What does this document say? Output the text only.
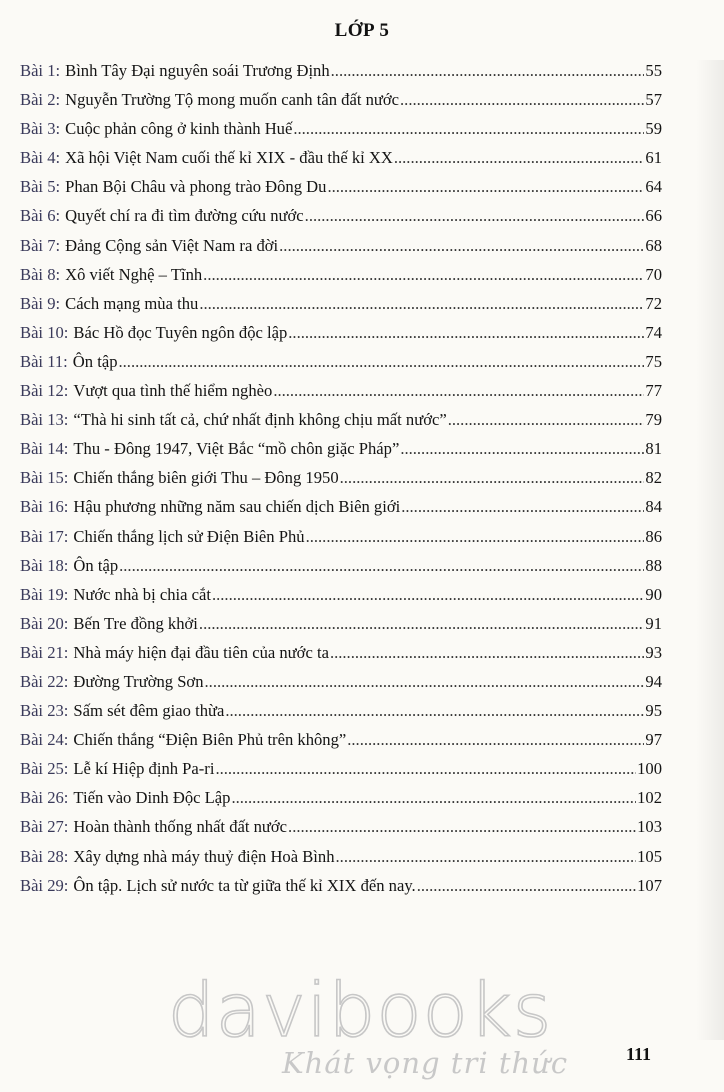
LỚP 5
Bài 1 : Bình Tây Đại nguyên soái Trương Định .....	55
Bài 2 : Nguyễn Trường Tộ mong muốn canh tân đất nước .....	57
Bài 3 : Cuộc phản công ở kinh thành Huế .....	59
Bài 4 : Xã hội Việt Nam cuối thế kỉ XIX - đầu thế kỉ XX .....	61
Bài 5 : Phan Bội Châu và phong trào Đông Du .....	64
Bài 6 : Quyết chí ra đi tìm đường cứu nước .....	66
Bài 7 : Đảng Cộng sản Việt Nam ra đời .....	68
Bài 8 : Xô viết Nghệ – Tĩnh .....	70
Bài 9 : Cách mạng mùa thu .....	72
Bài 10 : Bác Hồ đọc Tuyên ngôn độc lập .....	74
Bài 11 : Ôn tập .....	75
Bài 12 : Vượt qua tình thế hiểm nghèo .....	77
Bài 13 : “Thà hi sinh tất cả, chứ nhất định không chịu mất nước” .....	79
Bài 14 : Thu - Đông 1947, Việt Bắc “mồ chôn giặc Pháp” .....	81
Bài 15 : Chiến thắng biên giới Thu – Đông 1950 .....	82
Bài 16 : Hậu phương những năm sau chiến dịch Biên giới .....	84
Bài 17 : Chiến thắng lịch sử Điện Biên Phủ .....	86
Bài 18 : Ôn tập .....	88
Bài 19 : Nước nhà bị chia cắt .....	90
Bài 20 : Bến Tre đồng khởi .....	91
Bài 21 : Nhà máy hiện đại đầu tiên của nước ta .....	93
Bài 22 : Đường Trường Sơn .....	94
Bài 23 : Sấm sét đêm giao thừa .....	95
Bài 24 : Chiến thắng “Điện Biên Phủ trên không” .....	97
Bài 25 : Lễ kí Hiệp định Pa-ri .....	100
Bài 26 : Tiến vào Dinh Độc Lập .....	102
Bài 27 : Hoàn thành thống nhất đất nước .....	103
Bài 28 : Xây dựng nhà máy thuỷ điện Hoà Bình .....	105
Bài 29 : Ôn tập. Lịch sử nước ta từ giữa thế kỉ XIX đến nay. .....	107
davibooks
Khát vọng tri thức	111
